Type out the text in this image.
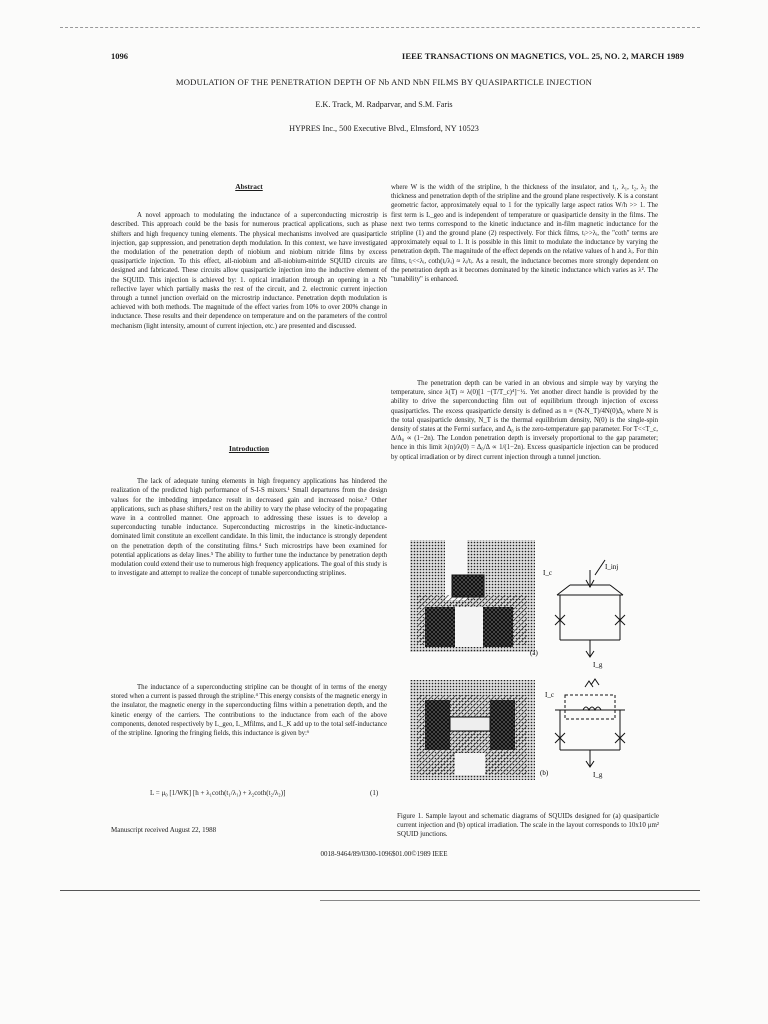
1096	IEEE TRANSACTIONS ON MAGNETICS, VOL. 25, NO. 2, MARCH 1989
MODULATION OF THE PENETRATION DEPTH OF Nb AND NbN FILMS BY QUASIPARTICLE INJECTION
E.K. Track, M. Radparvar, and S.M. Faris
HYPRES Inc., 500 Executive Blvd., Elmsford, NY 10523
Abstract

A novel approach to modulating the inductance of a superconducting microstrip is described. This approach could be the basis for numerous practical applications, such as phase shifters and high frequency tuning elements. The physical mechanisms involved are quasiparticle injection, gap suppression, and penetration depth modulation. In this context, we have investigated the modulation of the penetration depth of niobium and niobium nitride films by excess quasiparticle injection. To this effect, all-niobium and all-niobium-nitride SQUID circuits are designed and fabricated. These circuits allow quasiparticle injection into the inductive element of the SQUID. This injection is achieved by: 1. optical irradiation through an opening in a Nb reflective layer which partially masks the rest of the circuit, and 2. electronic current injection through a tunnel junction overlaid on the microstrip inductance. Penetration depth modulation is achieved with both methods. The magnitude of the effect varies from 10% to over 200% change in inductance. These results and their dependence on temperature and on the parameters of the control mechanism (light intensity, amount of current injection, etc.) are presented and discussed.

Introduction

The lack of adequate tuning elements in high frequency applications has hindered the realization of the predicted high performance of S-I-S mixers.¹ Small departures from the design values for the imbedding impedance result in decreased gain and increased noise.² Other applications, such as phase shifters,³ rest on the ability to vary the phase velocity of the propagating wave in a controlled manner. One approach to addressing these issues is to develop a superconducting tunable inductance. Superconducting microstrips in the kinetic-inductance-dominated limit constitute an excellent candidate. In this limit, the inductance is strongly dependent on the penetration depth of the constituting films.⁴ Such microstrips have been examined for potential applications as delay lines.⁵ The ability to further tune the inductance by penetration depth modulation could extend their use to numerous high frequency applications. The goal of this study is to investigate and attempt to realize the concept of tunable superconducting striplines.

The inductance of a superconducting stripline can be thought of in terms of the energy stored when a current is passed through the stripline.⁴ This energy consists of the magnetic energy in the insulator, the magnetic energy in the superconducting films within a penetration depth, and the kinetic energy of the carriers. The contributions to the inductance from each of the above components, denoted respectively by L_geo, L_Mfilms, and L_K add up to the total self-inductance of the stripline. Ignoring the fringing fields, this inductance is given by:⁶

L = μ₀ [1/WK] [h + λ₁coth(t₁/λ₁) + λ₂coth(t₂/λ₂)]	(1)
Manuscript received August 22, 1988

where W is the width of the stripline, h the thickness of the insulator, and t₁, λ₁, t₂, λ₂ the thickness and penetration depth of the stripline and the ground plane respectively. K is a constant geometric factor, approximately equal to 1 for the typically large aspect ratios W/h >> 1. The first term is L_geo and is independent of temperature or quasiparticle density in the films. The next two terms correspond to the kinetic inductance and in-film magnetic inductance for the stripline (1) and the ground plane (2) respectively. For thick films, tᵢ>>λᵢ, the "coth" terms are approximately equal to 1. It is possible in this limit to modulate the inductance by varying the penetration depth. The magnitude of the effect depends on the relative values of h and λᵢ. For thin films, tᵢ<<λᵢ, coth(tᵢ/λᵢ) ≈ λᵢ/tᵢ. As a result, the inductance becomes more strongly dependent on the penetration depth as it becomes dominated by the kinetic inductance which varies as λ². The "tunability" is enhanced.

The penetration depth can be varied in an obvious and simple way by varying the temperature, since λ(T) ≈ λ(0)[1 −(T/T_c)⁴]⁻½. Yet another direct handle is provided by the ability to drive the superconducting film out of equilibrium through injection of excess quasiparticles. The excess quasiparticle density is defined as n ≡ (N-N_T)/4N(0)Δ₀ where N is the total quasiparticle density, N_T is the thermal equilibrium density, N(0) is the single-spin density of states at the Fermi surface, and Δ₀ is the zero-temperature gap parameter. For T<<T_c, Δ/Δ₀ ∝ (1−2n). The London penetration depth is inversely proportional to the gap parameter; hence in this limit λ(n)/λ(0) = Δ₀/Δ ∝ 1/(1−2n). Excess quasiparticle injection can be produced by optical irradiation or by direct current injection through a tunnel junction.

I_c
I_inj
I_g
(a)
I_c
I_g
(b)
Figure 1. Sample layout and schematic diagrams of SQUIDs designed for (a) quasiparticle current injection and (b) optical irradiation. The scale in the layout corresponds to 10x10 μm² SQUID junctions.
0018-9464/89/0300-1096$01.00©1989 IEEE
